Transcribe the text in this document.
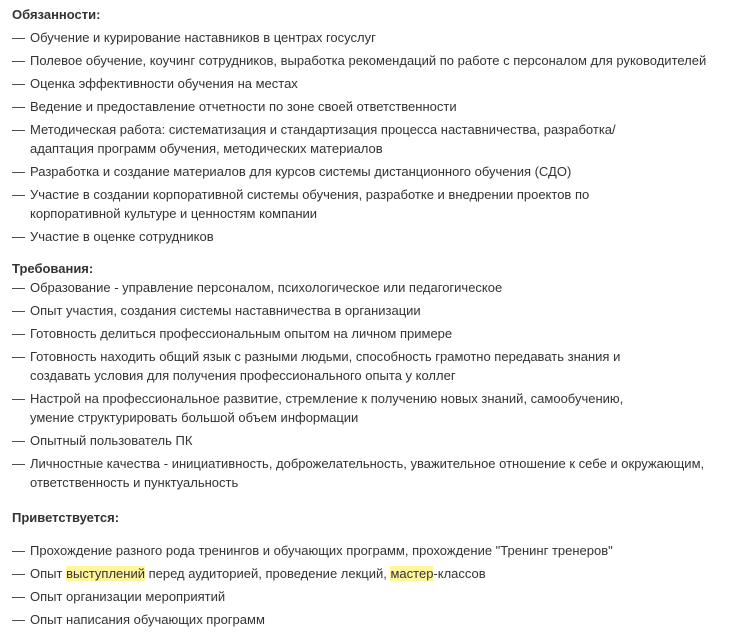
Обязанности:

— Обучение и курирование наставников в центрах госуслуг
— Полевое обучение, коучинг сотрудников, выработка рекомендаций по работе с персоналом для руководителей
— Оценка эффективности обучения на местах
— Ведение и предоставление отчетности по зоне своей ответственности
— Методическая работа: систематизация и стандартизация процесса наставничества, разработка/адаптация программ обучения, методических материалов
— Разработка и создание материалов для курсов системы дистанционного обучения (СДО)
— Участие в создании корпоративной системы обучения, разработке и внедрении проектов по корпоративной культуре и ценностям компании
— Участие в оценке сотрудников

Требования:

— Образование - управление персоналом, психологическое или педагогическое
— Опыт участия, создания системы наставничества в организации
— Готовность делиться профессиональным опытом на личном примере
— Готовность находить общий язык с разными людьми, способность грамотно передавать знания и создавать условия для получения профессионального опыта у коллег
— Настрой на профессиональное развитие, стремление к получению новых знаний, самообучению, умение структурировать большой объем информации
— Опытный пользователь ПК
— Личностные качества - инициативность, доброжелательность, уважительное отношение к себе и окружающим, ответственность и пунктуальность

Приветствуется:

— Прохождение разного рода тренингов и обучающих программ, прохождение "Тренинг тренеров"
— Опыт выступлений перед аудиторией, проведение лекций, мастер-классов
— Опыт организации мероприятий
— Опыт написания обучающих программ
